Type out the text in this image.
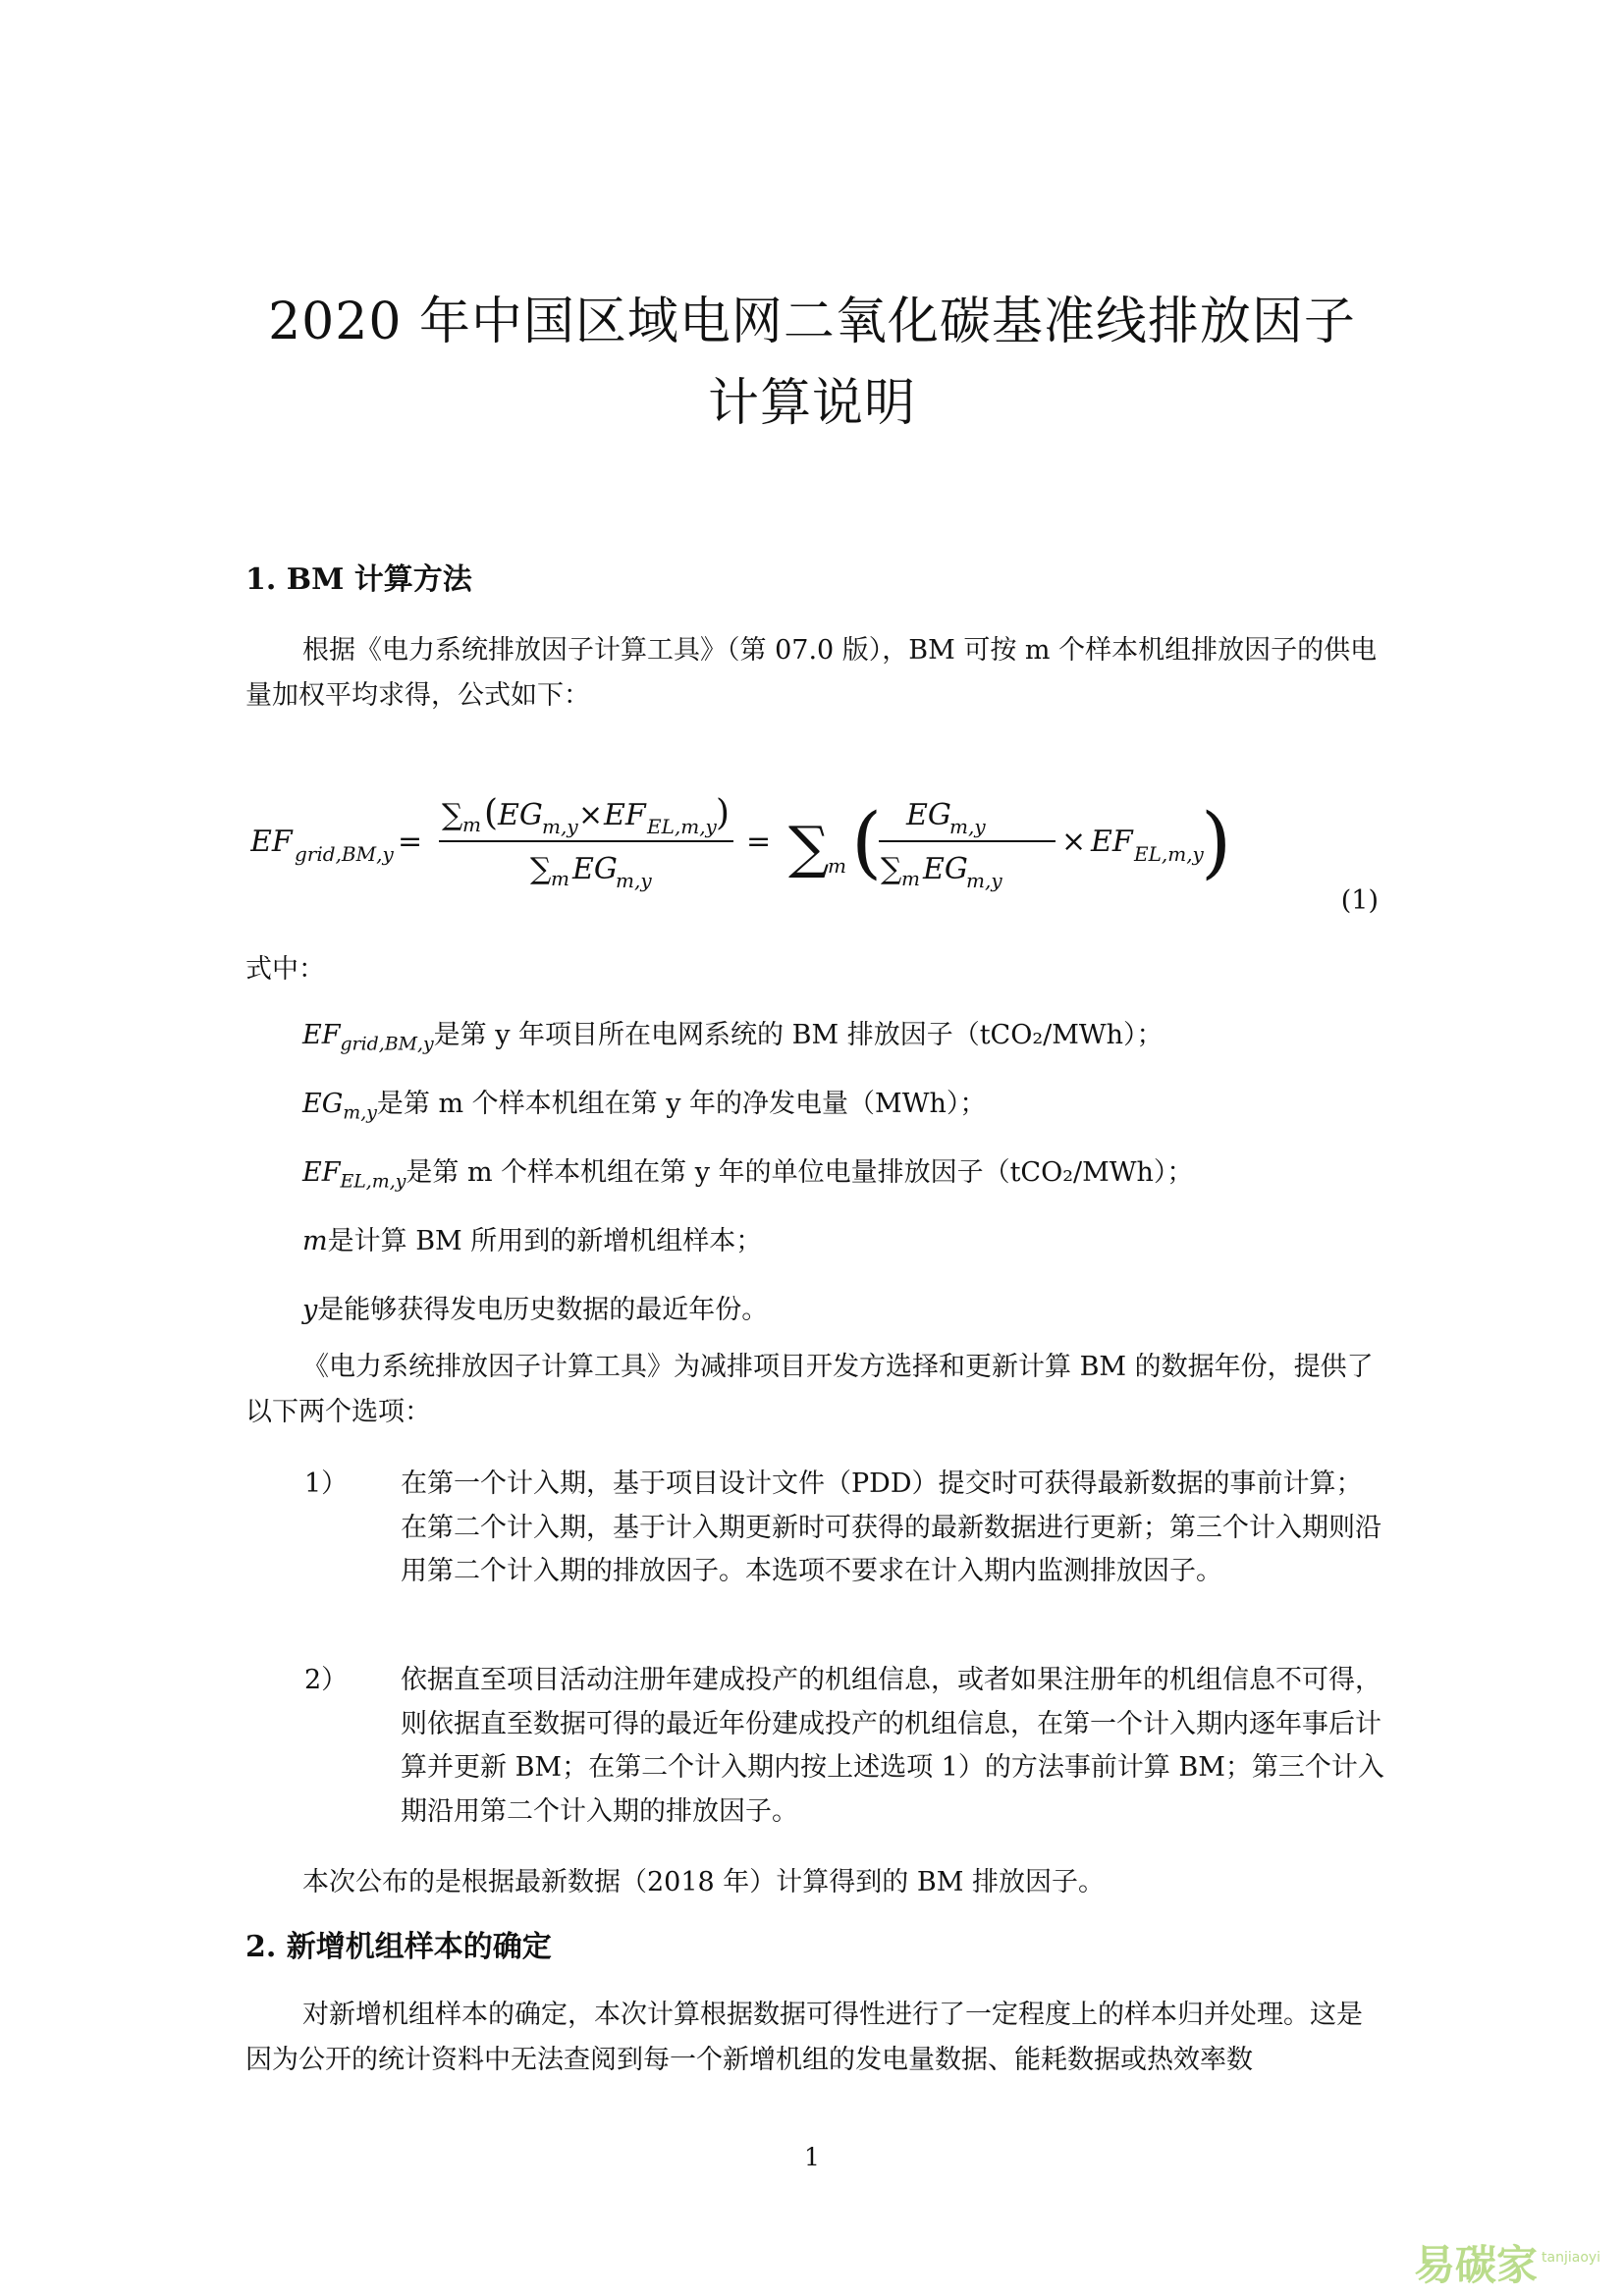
2020 年中国区域电网二氧化碳基准线排放因子
计算说明
1. BM 计算方法
根据《电力系统排放因子计算工具》（第 07.0 版），BM 可按 m 个样本机组排放因子的供电量加权平均求得，公式如下：
EF grid,BM,y =
∑ m ( EG m,y × EF EL,m,y )
∑ m EG
m,y
= ∑
m ( EG
m,y
∑ m EG
m,y
× EF EL,m,y
)
(1)
式中：
$EF_{grid,BM,y}$是第 y 年项目所在电网系统的 BM 排放因子（tCO₂/MWh）；
$EG_{m,y}$是第 m 个样本机组在第 y 年的净发电量（MWh）；
$EF_{EL,m,y}$是第 m 个样本机组在第 y 年的单位电量排放因子（tCO₂/MWh）；
m是计算 BM 所用到的新增机组样本；
y是能够获得发电历史数据的最近年份。
《电力系统排放因子计算工具》为减排项目开发方选择和更新计算 BM 的数据年份，提供了以下两个选项：
1） 在第一个计入期，基于项目设计文件（PDD）提交时可获得最新数据的事前计算；在第二个计入期，基于计入期更新时可获得的最新数据进行更新；第三个计入期则沿用第二个计入期的排放因子。本选项不要求在计入期内监测排放因子。
2） 依据直至项目活动注册年建成投产的机组信息，或者如果注册年的机组信息不可得，则依据直至数据可得的最近年份建成投产的机组信息，在第一个计入期内逐年事后计算并更新 BM；在第二个计入期内按上述选项 1）的方法事前计算 BM；第三个计入期沿用第二个计入期的排放因子。
本次公布的是根据最新数据（2018 年）计算得到的 BM 排放因子。
2. 新增机组样本的确定
对新增机组样本的确定，本次计算根据数据可得性进行了一定程度上的样本归并处理。这是因为公开的统计资料中无法查阅到每一个新增机组的发电量数据、能耗数据或热效率数
1
易碳家 tanjiaoyi
